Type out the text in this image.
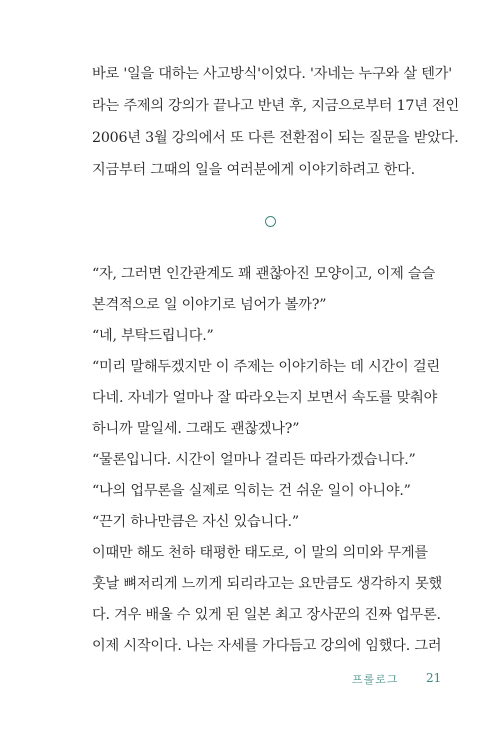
바로 '일을 대하는 사고방식'이었다. '자네는 누구와 살 텐가'
라는 주제의 강의가 끝나고 반년 후, 지금으로부터 17년 전인
2006년 3월 강의에서 또 다른 전환점이 되는 질문을 받았다.
지금부터 그때의 일을 여러분에게 이야기하려고 한다.
“자, 그러면 인간관계도 꽤 괜찮아진 모양이고, 이제 슬슬
본격적으로 일 이야기로 넘어가 볼까?”
“네, 부탁드립니다.”
“미리 말해두겠지만 이 주제는 이야기하는 데 시간이 걸린
다네. 자네가 얼마나 잘 따라오는지 보면서 속도를 맞춰야
하니까 말일세. 그래도 괜찮겠나?”
“물론입니다. 시간이 얼마나 걸리든 따라가겠습니다.”
“나의 업무론을 실제로 익히는 건 쉬운 일이 아니야.”
“끈기 하나만큼은 자신 있습니다.”
이때만 해도 천하 태평한 태도로, 이 말의 의미와 무게를
훗날 뼈저리게 느끼게 되리라고는 요만큼도 생각하지 못했
다. 겨우 배울 수 있게 된 일본 최고 장사꾼의 진짜 업무론.
이제 시작이다. 나는 자세를 가다듬고 강의에 임했다. 그러
프롤로그 21
